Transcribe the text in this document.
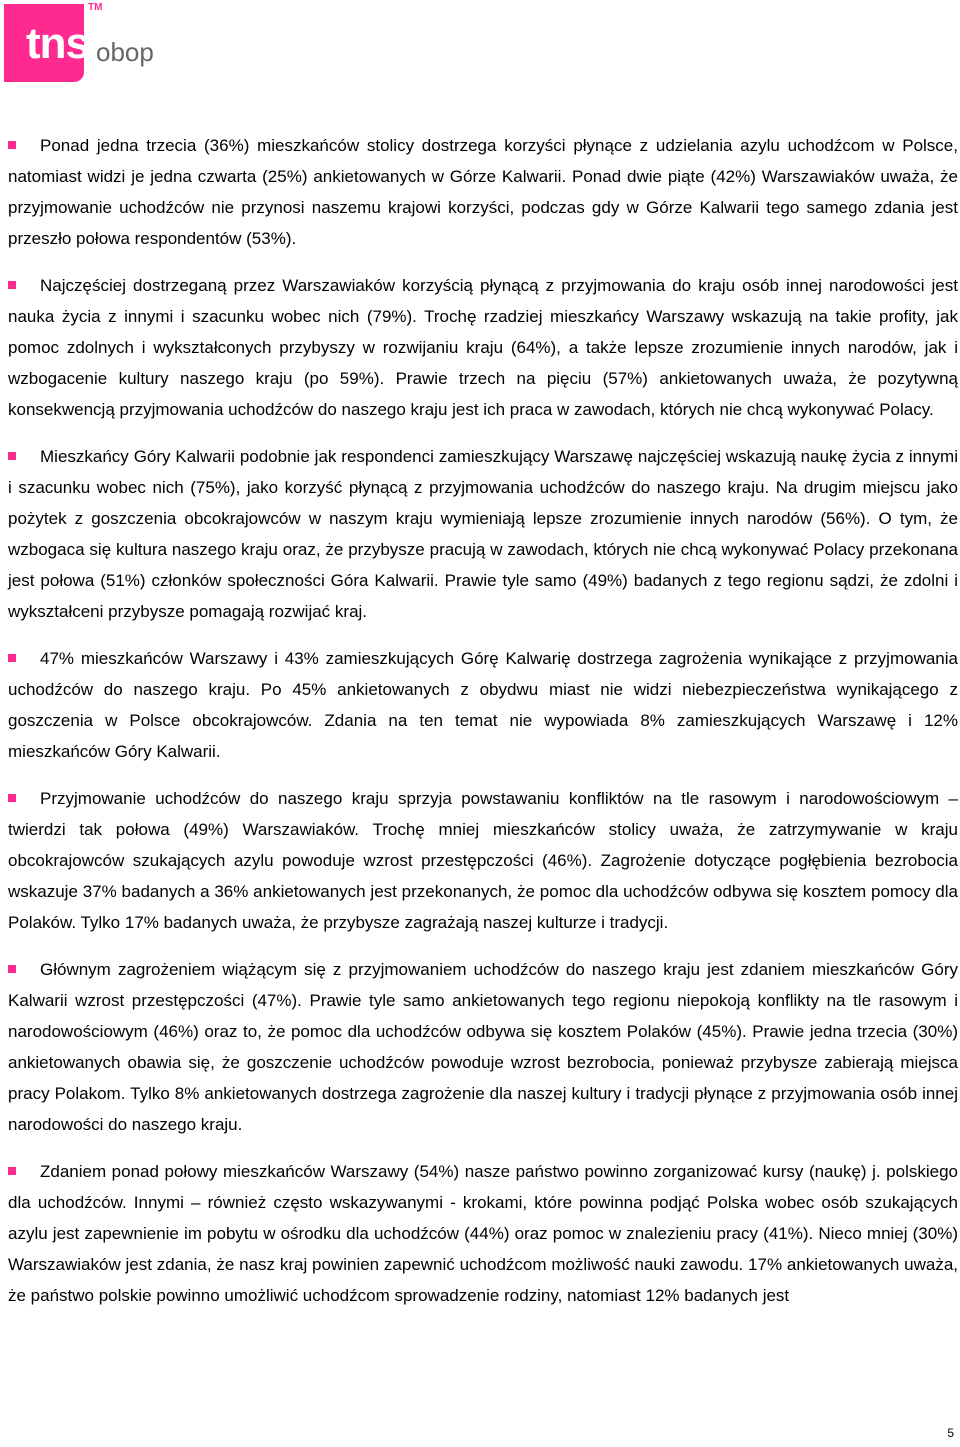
tns
TM
obop

Ponad jedna trzecia (36%) mieszkańców stolicy dostrzega korzyści płynące z udzielania azylu uchodźcom w Polsce, natomiast widzi je jedna czwarta (25%) ankietowanych w Górze Kalwarii. Ponad dwie piąte (42%) Warszawiaków uważa, że przyjmowanie uchodźców nie przynosi naszemu krajowi korzyści, podczas gdy w Górze Kalwarii tego samego zdania jest przeszło połowa respondentów (53%).

Najczęściej dostrzeganą przez Warszawiaków korzyścią płynącą z przyjmowania do kraju osób innej narodowości jest nauka życia z innymi i szacunku wobec nich (79%). Trochę rzadziej mieszkańcy Warszawy wskazują na takie profity, jak pomoc zdolnych i wykształconych przybyszy w rozwijaniu kraju (64%), a także lepsze zrozumienie innych narodów, jak i wzbogacenie kultury naszego kraju (po 59%). Prawie trzech na pięciu (57%) ankietowanych uważa, że pozytywną konsekwencją przyjmowania uchodźców do naszego kraju jest ich praca w zawodach, których nie chcą wykonywać Polacy.

Mieszkańcy Góry Kalwarii podobnie jak respondenci zamieszkujący Warszawę najczęściej wskazują naukę życia z innymi i szacunku wobec nich (75%), jako korzyść płynącą z przyjmowania uchodźców do naszego kraju. Na drugim miejscu jako pożytek z goszczenia obcokrajowców w naszym kraju wymieniają lepsze zrozumienie innych narodów (56%). O tym, że wzbogaca się kultura naszego kraju oraz, że przybysze pracują w zawodach, których nie chcą wykonywać Polacy przekonana jest połowa (51%) członków społeczności Góra Kalwarii. Prawie tyle samo (49%) badanych z tego regionu sądzi, że zdolni i wykształceni przybysze pomagają rozwijać kraj.

47% mieszkańców Warszawy i 43% zamieszkujących Górę Kalwarię dostrzega zagrożenia wynikające z przyjmowania uchodźców do naszego kraju. Po 45% ankietowanych z obydwu miast nie widzi niebezpieczeństwa wynikającego z goszczenia w Polsce obcokrajowców. Zdania na ten temat nie wypowiada 8% zamieszkujących Warszawę i 12% mieszkańców Góry Kalwarii.

Przyjmowanie uchodźców do naszego kraju sprzyja powstawaniu konfliktów na tle rasowym i narodowościowym – twierdzi tak połowa (49%) Warszawiaków. Trochę mniej mieszkańców stolicy uważa, że zatrzymywanie w kraju obcokrajowców szukających azylu powoduje wzrost przestępczości (46%). Zagrożenie dotyczące pogłębienia bezrobocia wskazuje 37% badanych a 36% ankietowanych jest przekonanych, że pomoc dla uchodźców odbywa się kosztem pomocy dla Polaków. Tylko 17% badanych uważa, że przybysze zagrażają naszej kulturze i tradycji.

Głównym zagrożeniem wiążącym się z przyjmowaniem uchodźców do naszego kraju jest zdaniem mieszkańców Góry Kalwarii wzrost przestępczości (47%). Prawie tyle samo ankietowanych tego regionu niepokoją konflikty na tle rasowym i narodowościowym (46%) oraz to, że pomoc dla uchodźców odbywa się kosztem Polaków (45%). Prawie jedna trzecia (30%) ankietowanych obawia się, że goszczenie uchodźców powoduje wzrost bezrobocia, ponieważ przybysze zabierają miejsca pracy Polakom. Tylko 8% ankietowanych dostrzega zagrożenie dla naszej kultury i tradycji płynące z przyjmowania osób innej narodowości do naszego kraju.

Zdaniem ponad połowy mieszkańców Warszawy (54%) nasze państwo powinno zorganizować kursy (naukę) j. polskiego dla uchodźców. Innymi – również często wskazywanymi - krokami, które powinna podjąć Polska wobec osób szukających azylu jest zapewnienie im pobytu w ośrodku dla uchodźców (44%) oraz pomoc w znalezieniu pracy (41%). Nieco mniej (30%) Warszawiaków jest zdania, że nasz kraj powinien zapewnić uchodźcom możliwość nauki zawodu. 17% ankietowanych uważa, że państwo polskie powinno umożliwić uchodźcom sprowadzenie rodziny, natomiast 12% badanych jest

5
